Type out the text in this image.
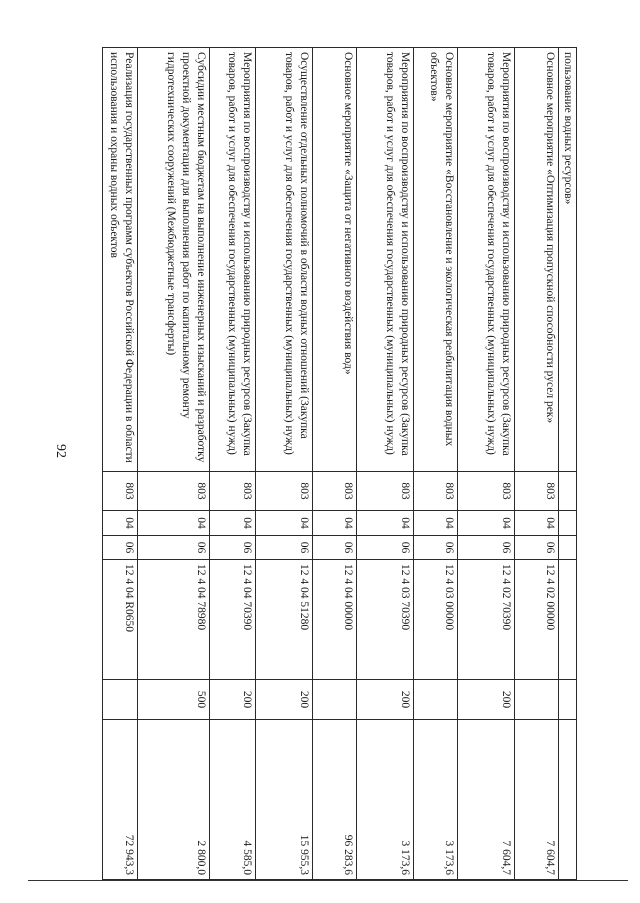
92
пользование водных ресурсов»						
Основное мероприятие «Оптимизация пропускной способности русел рек»	803	04	06	12 4 02 00000		7 604,7
Мероприятия по воспроизводству и использованию природных ресурсов (Закупка товаров, работ и услуг для обеспечения государственных (муниципальных) нужд)	803	04	06	12 4 02 70390	200	7 604,7
Основное мероприятие «Восстановление и экологическая реабилитация водных объектов»	803	04	06	12 4 03 00000		3 173,6
Мероприятия по воспроизводству и использованию природных ресурсов (Закупка товаров, работ и услуг для обеспечения государственных (муниципальных) нужд)	803	04	06	12 4 03 70390	200	3 173,6
Основное мероприятие «Защита от негативного воздействия вод»	803	04	06	12 4 04 00000		96 283,6
Осуществление отдельных полномочий в области водных отношений (Закупка товаров, работ и услуг для обеспечения государственных (муниципальных) нужд)	803	04	06	12 4 04 51280	200	15 955,3
Мероприятия по воспроизводству и использованию природных ресурсов (Закупка товаров, работ и услуг для обеспечения государственных (муниципальных) нужд)	803	04	06	12 4 04 70390	200	4 585,0
Субсидии местным бюджетам на выполнение инженерных изысканий и разработку проектной документации для выполнения работ по капитальному ремонту гидротехнических сооружений (Межбюджетные трансферты)	803	04	06	12 4 04 78980	500	2 800,0
Реализация государственных программ субъектов Российской Федерации в области использования и охраны водных объектов	803	04	06	12 4 04 R0650		72 943,3
